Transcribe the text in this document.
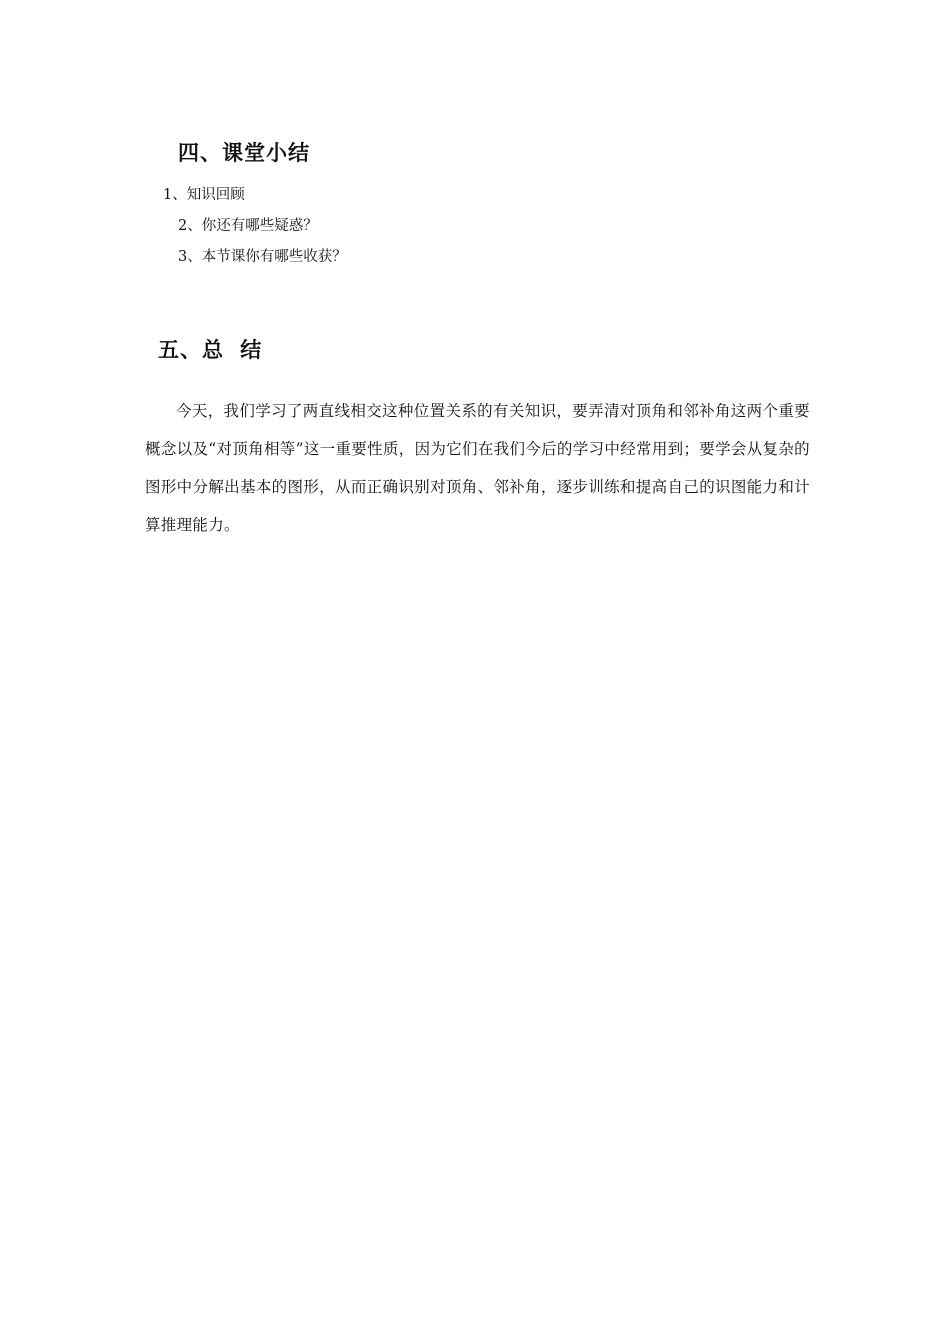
四、课堂小结

1、知识回顾

2、你还有哪些疑惑？

3、本节课你有哪些收获？

五、总 结

今天，我们学习了两直线相交这种位置关系的有关知识，要弄清对顶角和邻补角这两个重要概念以及“对顶角相等”这一重要性质，因为它们在我们今后的学习中经常用到；要学会从复杂的图形中分解出基本的图形，从而正确识别对顶角、邻补角，逐步训练和提高自己的识图能力和计算推理能力。
